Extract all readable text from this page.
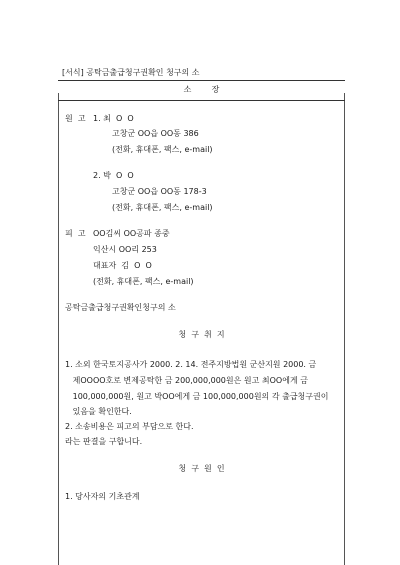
[서식] 공탁금출급청구권확인 청구의 소
소        장
원  고 1. 최  O  O
고창군 OO읍 OO동 386
(전화, 휴대폰, 팩스, e-mail)
2. 박  O  O
고창군 OO읍 OO동 178-3
(전화, 휴대폰, 팩스, e-mail)
피  고 OO김씨 OO공파 종중
익산시 OO리 253
대표자  김  O  O
(전화, 휴대폰, 팩스, e-mail)
공탁금출급청구권확인청구의 소
청  구  취  지
1. 소외 한국토지공사가 2000. 2. 14. 전주지방법원 군산지원 2000. 금
제OOOO호로 변제공탁한 금 200,000,000원은 원고 최OO에게 금
100,000,000원, 원고 박OO에게 금 100,000,000원의 각 출급청구권이
있음을 확인한다.
2. 소송비용은 피고의 부담으로 한다.
라는 판결을 구합니다.
청  구  원  인
1. 당사자의 기초관계
